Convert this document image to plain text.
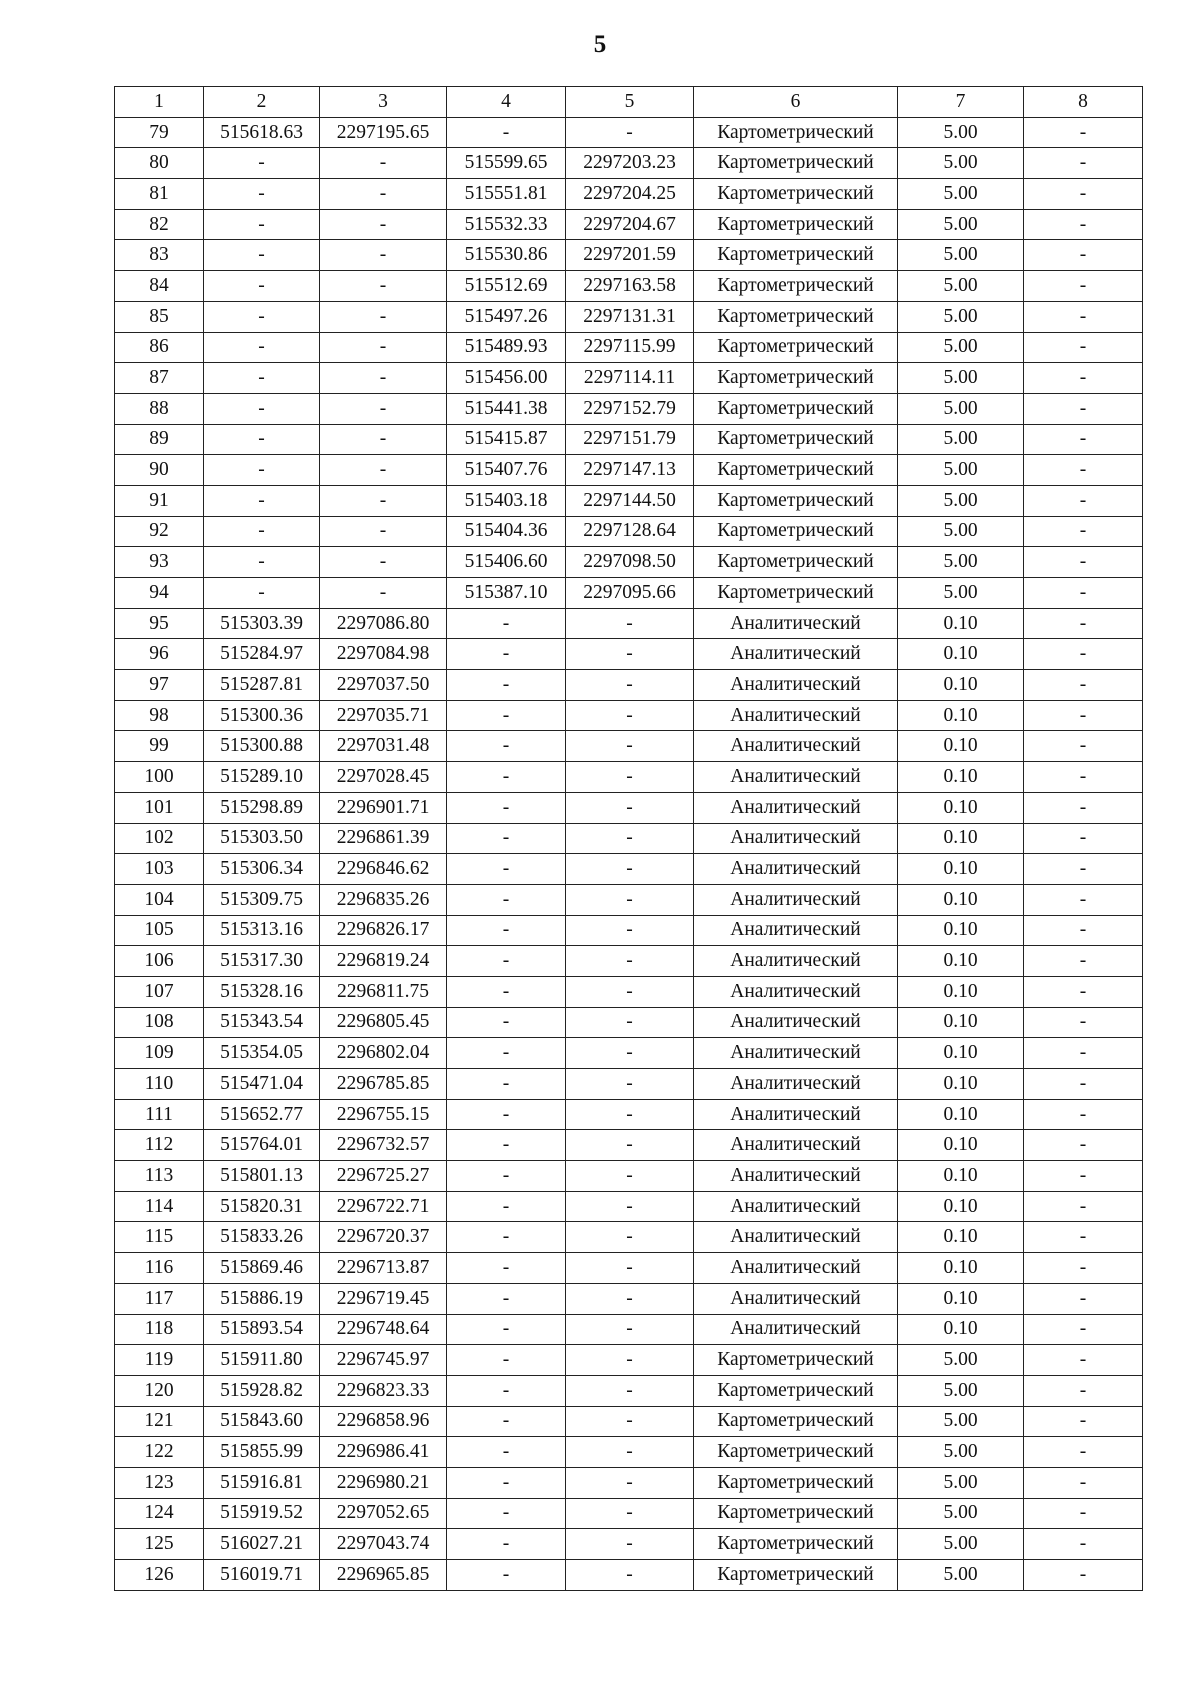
5
1	2	3	4	5	6	7	8
79	515618.63	2297195.65	-	-	Картометрический	5.00	-
80	-	-	515599.65	2297203.23	Картометрический	5.00	-
81	-	-	515551.81	2297204.25	Картометрический	5.00	-
82	-	-	515532.33	2297204.67	Картометрический	5.00	-
83	-	-	515530.86	2297201.59	Картометрический	5.00	-
84	-	-	515512.69	2297163.58	Картометрический	5.00	-
85	-	-	515497.26	2297131.31	Картометрический	5.00	-
86	-	-	515489.93	2297115.99	Картометрический	5.00	-
87	-	-	515456.00	2297114.11	Картометрический	5.00	-
88	-	-	515441.38	2297152.79	Картометрический	5.00	-
89	-	-	515415.87	2297151.79	Картометрический	5.00	-
90	-	-	515407.76	2297147.13	Картометрический	5.00	-
91	-	-	515403.18	2297144.50	Картометрический	5.00	-
92	-	-	515404.36	2297128.64	Картометрический	5.00	-
93	-	-	515406.60	2297098.50	Картометрический	5.00	-
94	-	-	515387.10	2297095.66	Картометрический	5.00	-
95	515303.39	2297086.80	-	-	Аналитический	0.10	-
96	515284.97	2297084.98	-	-	Аналитический	0.10	-
97	515287.81	2297037.50	-	-	Аналитический	0.10	-
98	515300.36	2297035.71	-	-	Аналитический	0.10	-
99	515300.88	2297031.48	-	-	Аналитический	0.10	-
100	515289.10	2297028.45	-	-	Аналитический	0.10	-
101	515298.89	2296901.71	-	-	Аналитический	0.10	-
102	515303.50	2296861.39	-	-	Аналитический	0.10	-
103	515306.34	2296846.62	-	-	Аналитический	0.10	-
104	515309.75	2296835.26	-	-	Аналитический	0.10	-
105	515313.16	2296826.17	-	-	Аналитический	0.10	-
106	515317.30	2296819.24	-	-	Аналитический	0.10	-
107	515328.16	2296811.75	-	-	Аналитический	0.10	-
108	515343.54	2296805.45	-	-	Аналитический	0.10	-
109	515354.05	2296802.04	-	-	Аналитический	0.10	-
110	515471.04	2296785.85	-	-	Аналитический	0.10	-
111	515652.77	2296755.15	-	-	Аналитический	0.10	-
112	515764.01	2296732.57	-	-	Аналитический	0.10	-
113	515801.13	2296725.27	-	-	Аналитический	0.10	-
114	515820.31	2296722.71	-	-	Аналитический	0.10	-
115	515833.26	2296720.37	-	-	Аналитический	0.10	-
116	515869.46	2296713.87	-	-	Аналитический	0.10	-
117	515886.19	2296719.45	-	-	Аналитический	0.10	-
118	515893.54	2296748.64	-	-	Аналитический	0.10	-
119	515911.80	2296745.97	-	-	Картометрический	5.00	-
120	515928.82	2296823.33	-	-	Картометрический	5.00	-
121	515843.60	2296858.96	-	-	Картометрический	5.00	-
122	515855.99	2296986.41	-	-	Картометрический	5.00	-
123	515916.81	2296980.21	-	-	Картометрический	5.00	-
124	515919.52	2297052.65	-	-	Картометрический	5.00	-
125	516027.21	2297043.74	-	-	Картометрический	5.00	-
126	516019.71	2296965.85	-	-	Картометрический	5.00	-
